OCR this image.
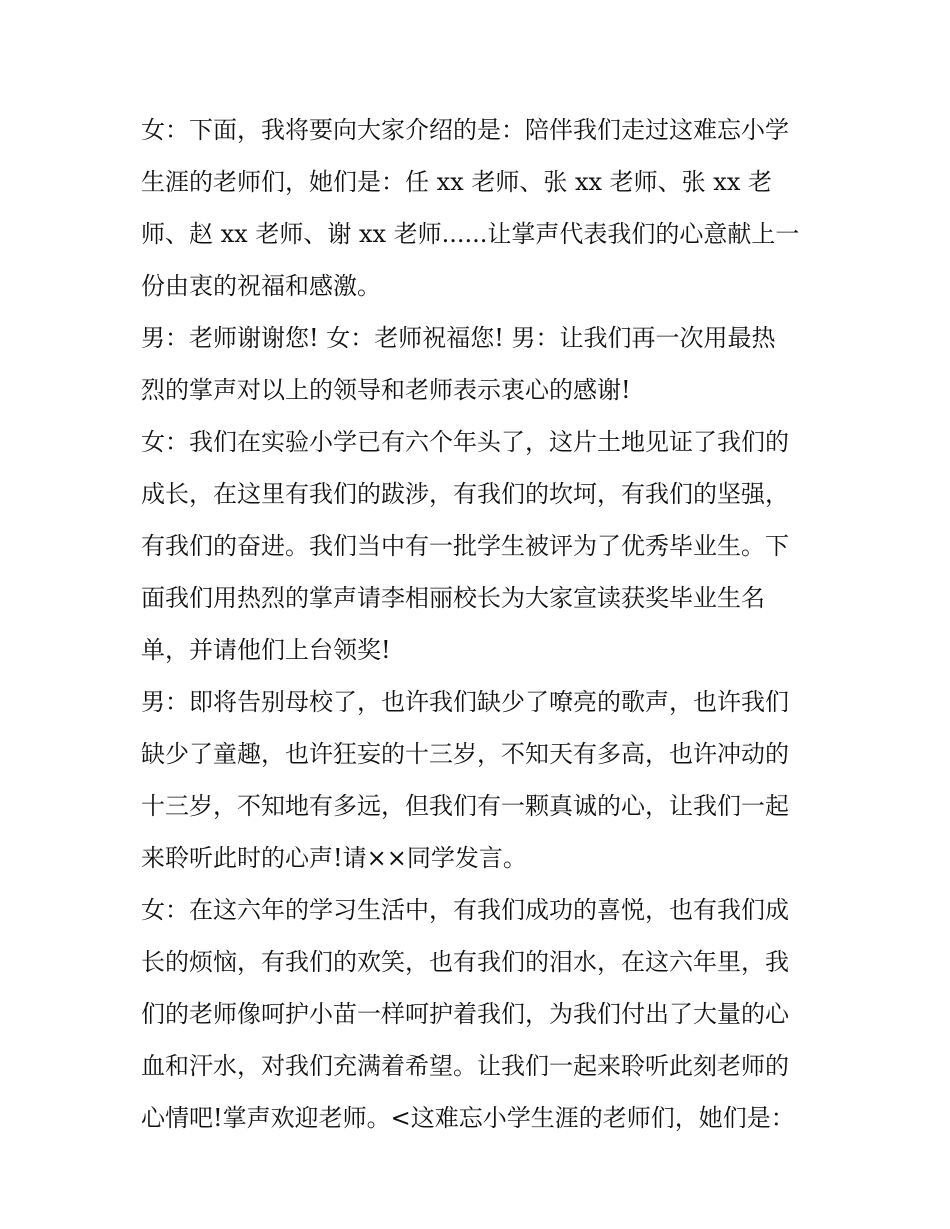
女：下面，我将要向大家介绍的是：陪伴我们走过这难忘小学
生涯的老师们，她们是：任 xx 老师、张 xx 老师、张 xx 老
师、赵 xx 老师、谢 xx 老师......让掌声代表我们的心意献上一
份由衷的祝福和感激。
男：老师谢谢您! 女：老师祝福您! 男：让我们再一次用最热
烈的掌声对以上的领导和老师表示衷心的感谢!
女：我们在实验小学已有六个年头了，这片土地见证了我们的
成长，在这里有我们的跋涉，有我们的坎坷，有我们的坚强，
有我们的奋进。我们当中有一批学生被评为了优秀毕业生。下
面我们用热烈的掌声请李相丽校长为大家宣读获奖毕业生名
单，并请他们上台领奖!
男：即将告别母校了，也许我们缺少了嘹亮的歌声，也许我们
缺少了童趣，也许狂妄的十三岁，不知天有多高，也许冲动的
十三岁，不知地有多远，但我们有一颗真诚的心，让我们一起
来聆听此时的心声!请××同学发言。
女：在这六年的学习生活中，有我们成功的喜悦，也有我们成
长的烦恼，有我们的欢笑，也有我们的泪水，在这六年里，我
们的老师像呵护小苗一样呵护着我们，为我们付出了大量的心
血和汗水，对我们充满着希望。让我们一起来聆听此刻老师的
心情吧!掌声欢迎老师。<这难忘小学生涯的老师们，她们是：
